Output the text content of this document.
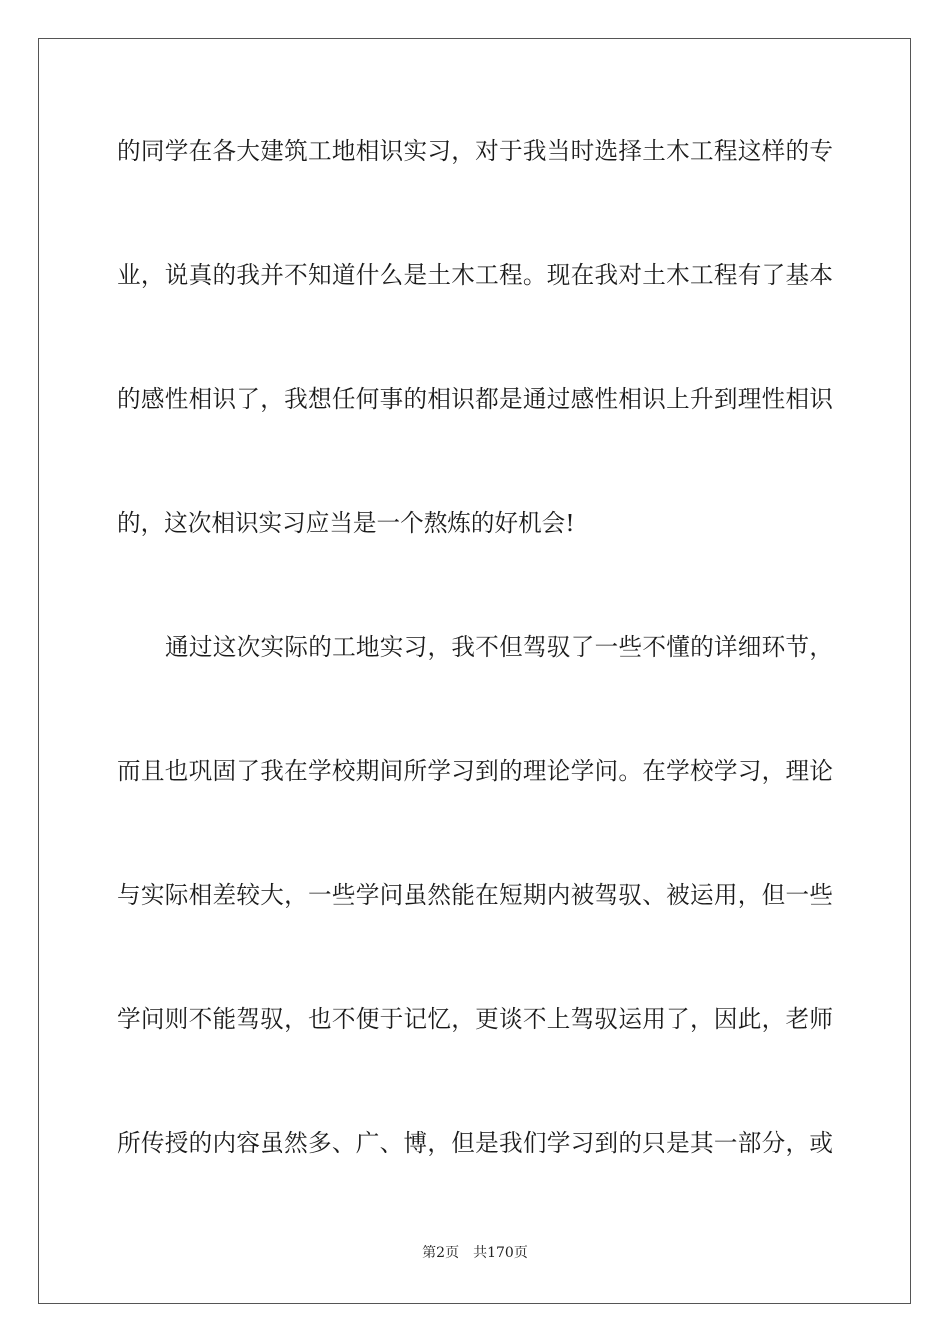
的同学在各大建筑工地相识实习，对于我当时选择土木工程这样的专
业，说真的我并不知道什么是土木工程。现在我对土木工程有了基本
的感性相识了，我想任何事的相识都是通过感性相识上升到理性相识
的，这次相识实习应当是一个熬炼的好机会!
通过这次实际的工地实习，我不但驾驭了一些不懂的详细环节，
而且也巩固了我在学校期间所学习到的理论学问。在学校学习，理论
与实际相差较大，一些学问虽然能在短期内被驾驭、被运用，但一些
学问则不能驾驭，也不便于记忆，更谈不上驾驭运用了，因此，老师
所传授的内容虽然多、广、博，但是我们学习到的只是其一部分，或
第2页 共170页
